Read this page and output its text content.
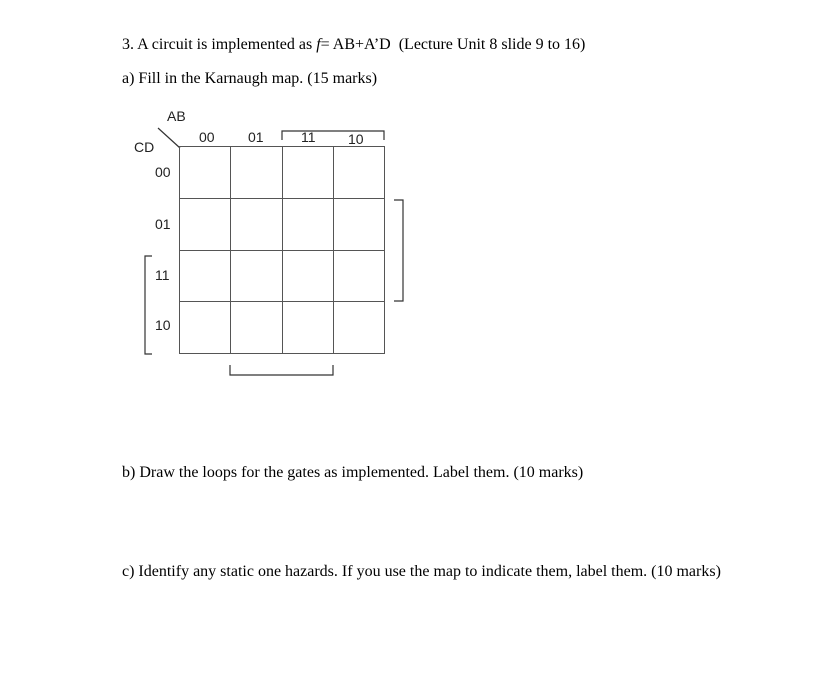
3. A circuit is implemented as f= AB+A’D (Lecture Unit 8 slide 9 to 16)
a) Fill in the Karnaugh map. (15 marks)
AB
CD
00 01	11 10
00
01
11
10

b) Draw the loops for the gates as implemented. Label them. (10 marks)
c) Identify any static one hazards. If you use the map to indicate them, label them. (10 marks)
